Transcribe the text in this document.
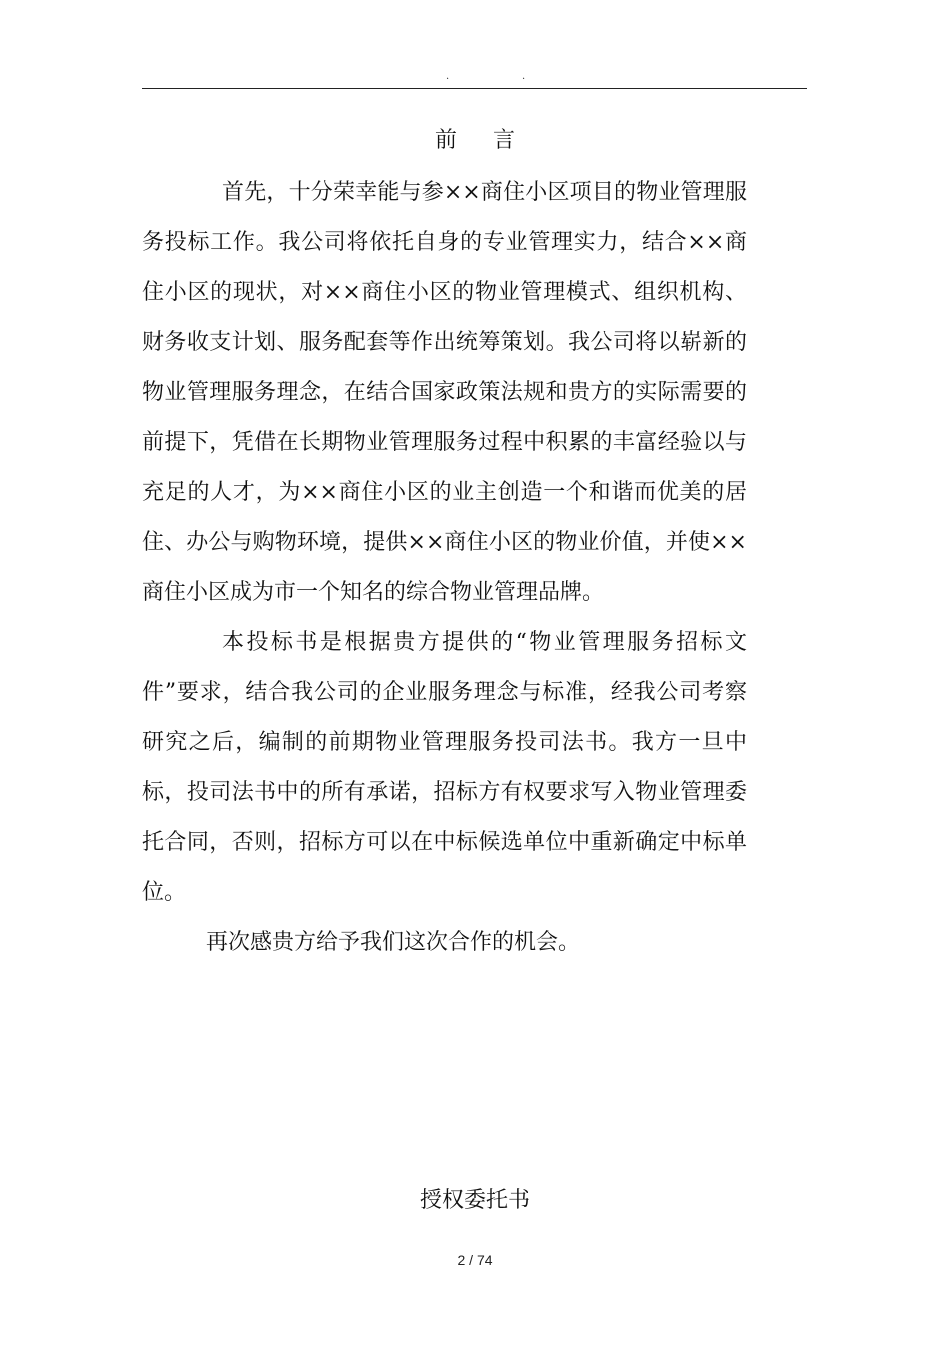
.	.
前言

首先，十分荣幸能与参××商住小区项目的物业管理服务投标工作。我公司将依托自身的专业管理实力，结合××商住小区的现状，对××商住小区的物业管理模式、组织机构、财务收支计划、服务配套等作出统筹策划。我公司将以崭新的物业管理服务理念，在结合国家政策法规和贵方的实际需要的前提下，凭借在长期物业管理服务过程中积累的丰富经验以与充足的人才，为××商住小区的业主创造一个和谐而优美的居住、办公与购物环境，提供××商住小区的物业价值，并使××商住小区成为市一个知名的综合物业管理品牌。

本投标书是根据贵方提供的“物业管理服务招标文件”要求，结合我公司的企业服务理念与标准，经我公司考察研究之后，编制的前期物业管理服务投司法书。我方一旦中标，投司法书中的所有承诺，招标方有权要求写入物业管理委托合同，否则，招标方可以在中标候选单位中重新确定中标单位。

再次感贵方给予我们这次合作的机会。

授权委托书
2 / 74
